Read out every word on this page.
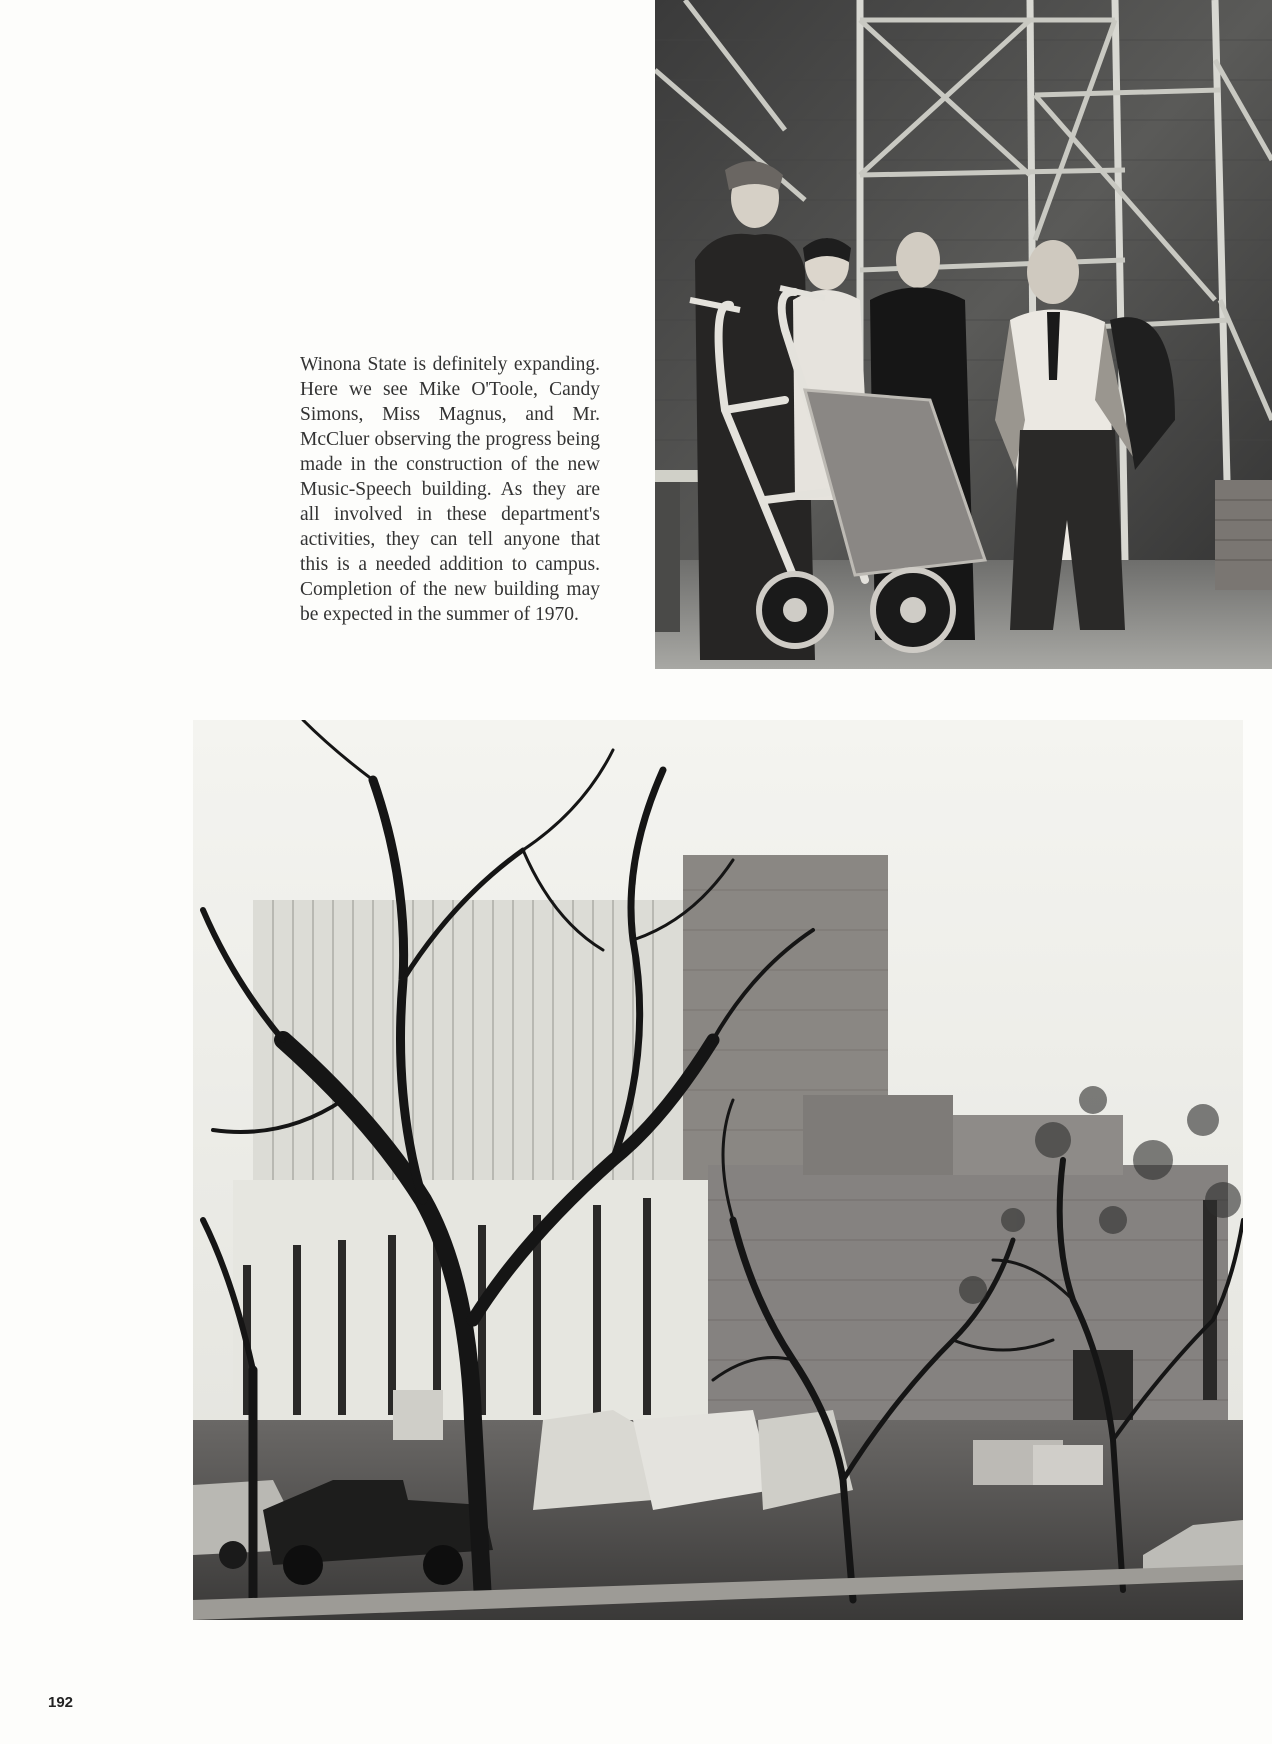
Winona State is definitely expanding. Here we see Mike O'Toole, Candy Simons, Miss Magnus, and Mr. McCluer observing the progress being made in the construction of the new Music-Speech building. As they are all involved in these department's activities, they can tell anyone that this is a needed addition to campus. Completion of the new building may be expected in the summer of 1970.
192
